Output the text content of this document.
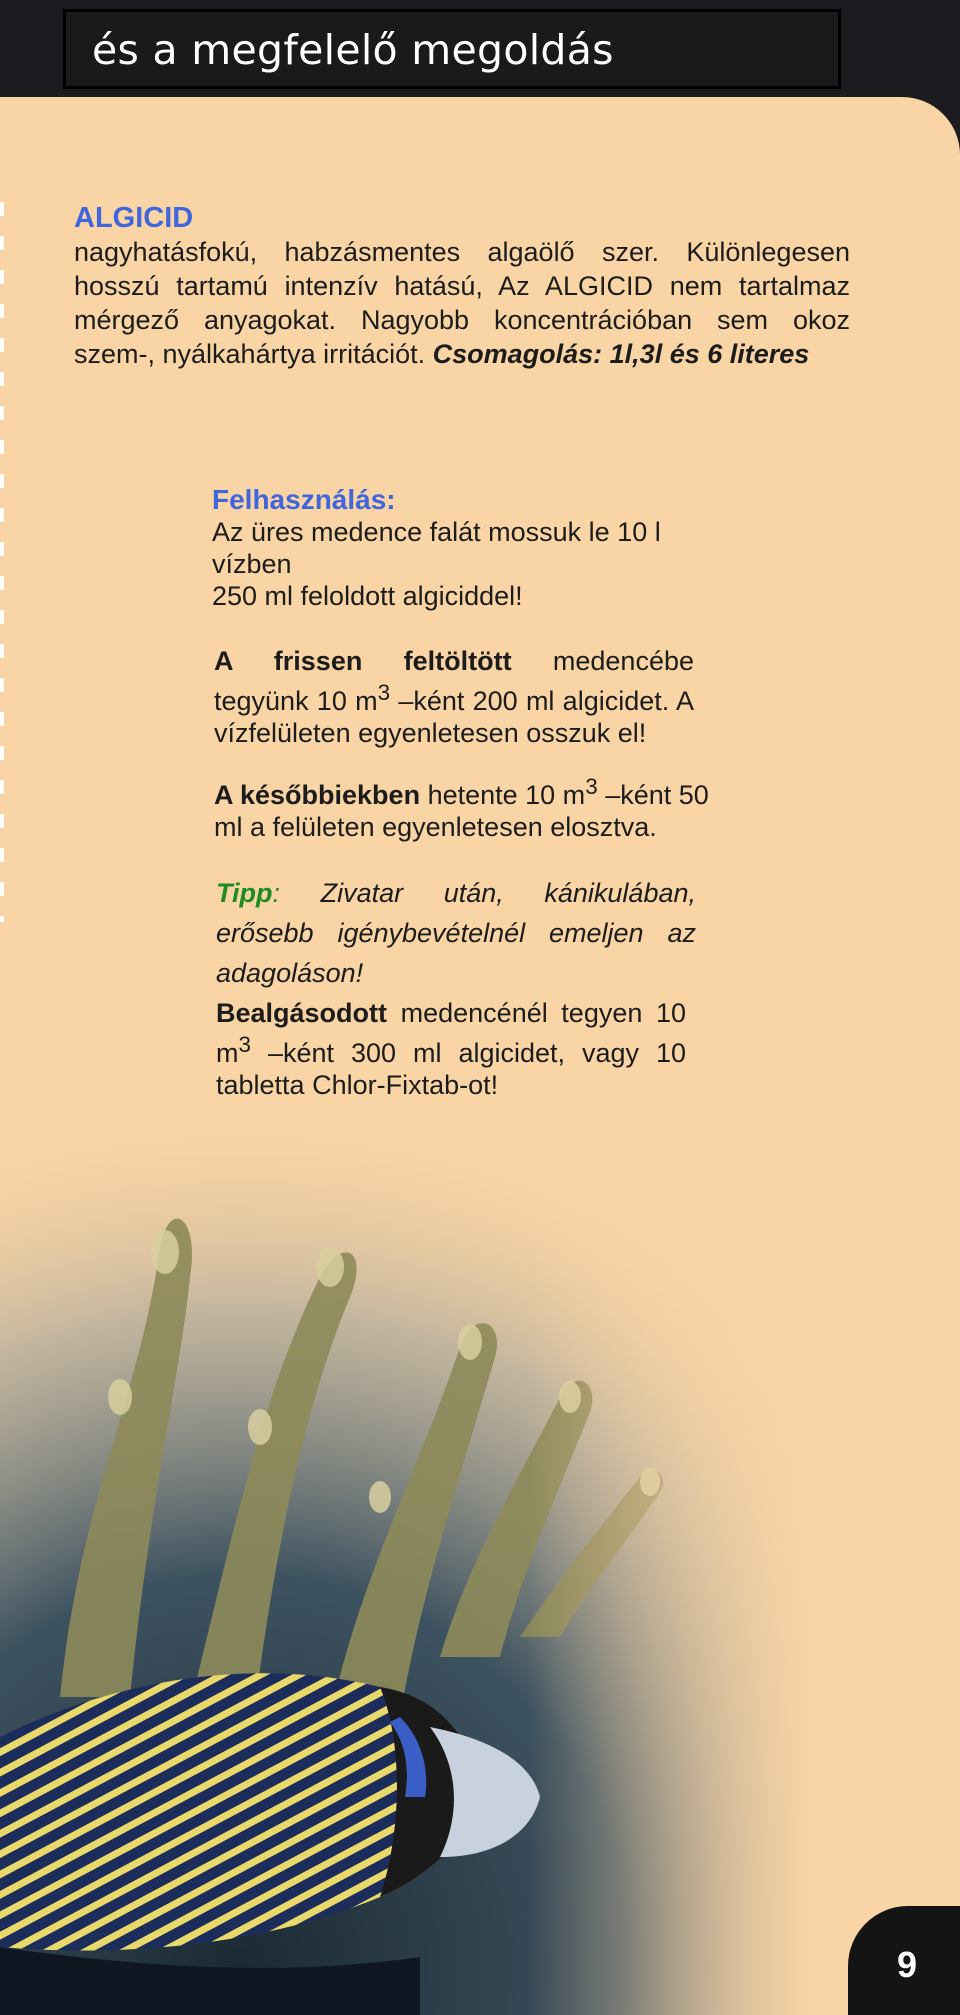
és a megfelelő megoldás
ALGICID
nagyhatásfokú, habzásmentes algaölő szer. Különlegesen hosszú tartamú intenzív hatású, Az ALGICID nem tartalmaz mérgező anyagokat. Nagyobb koncentrációban sem okoz szem-, nyálkahártya irritációt. Csomagolás: 1l,3l és 6 literes
Felhasználás:
Az üres medence falát mossuk le 10 l vízben
250 ml feloldott algiciddel!
A frissen feltöltött medencébe tegyünk 10 $m^3$ –ként 200 ml algicidet. A vízfelületen egyenletesen osszuk el!
A későbbiekben hetente 10 $m^3$ –ként 50 ml a felületen egyenletesen elosztva.
Tipp: Zivatar után, kánikulában, erősebb igénybevételnél emeljen az adagoláson!
Bealgásodott medencénél tegyen 10 $m^3$ –ként 300 ml algicidet, vagy 10 tabletta Chlor-Fixtab-ot!
9
